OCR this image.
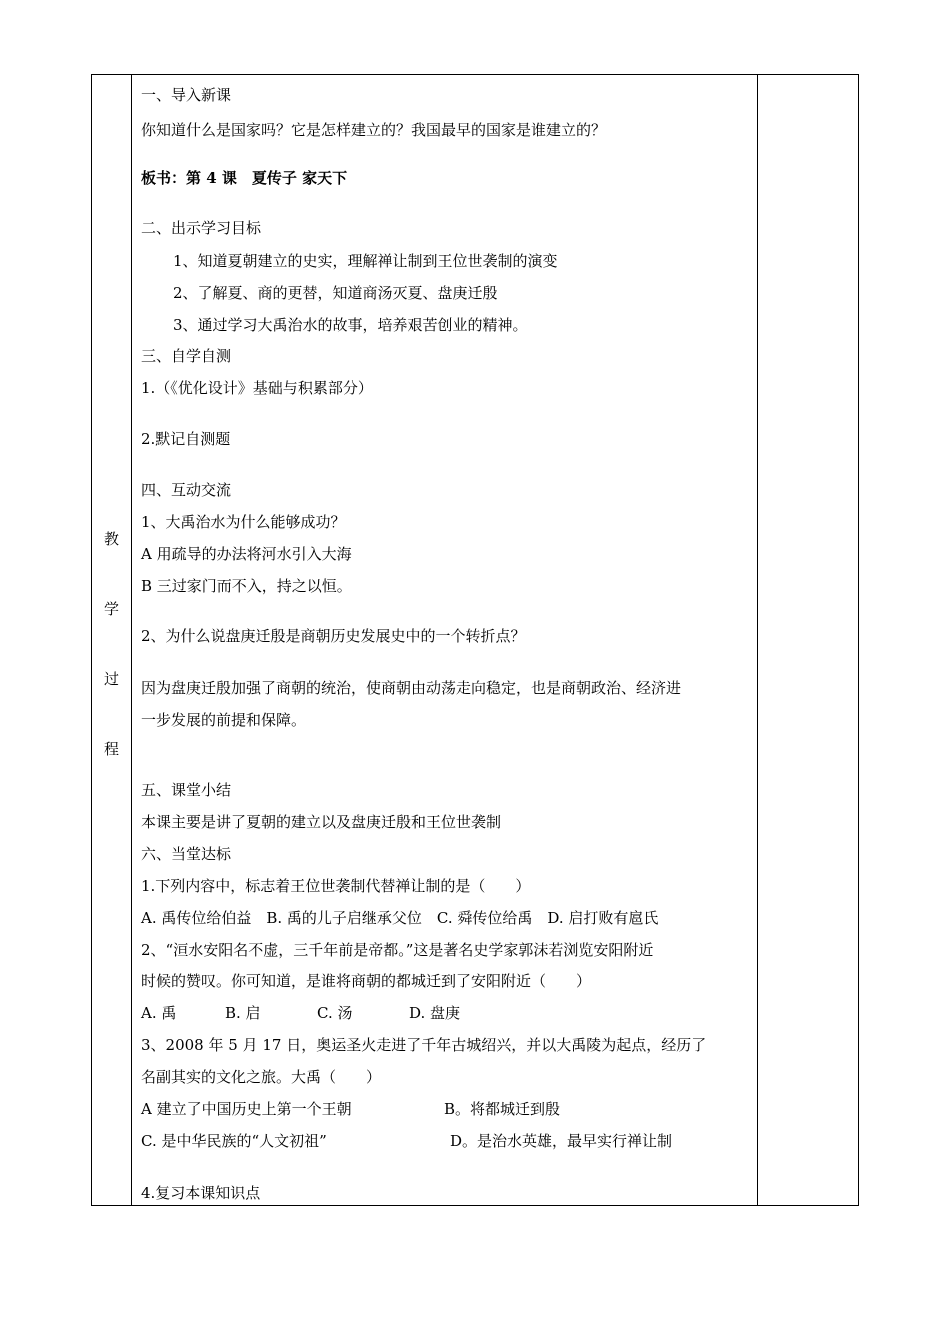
教
学
过
程
一、导入新课
你知道什么是国家吗？它是怎样建立的？我国最早的国家是谁建立的？
板书：第 4 课　夏传子 家天下
二、出示学习目标
1、知道夏朝建立的史实，理解禅让制到王位世袭制的演变
2、了解夏、商的更替，知道商汤灭夏、盘庚迁殷
3、通过学习大禹治水的故事，培养艰苦创业的精神。
三、自学自测
1.（《优化设计》基础与积累部分）
2.默记自测题
四、互动交流
1、大禹治水为什么能够成功？
A 用疏导的办法将河水引入大海
B 三过家门而不入，持之以恒。
2、为什么说盘庚迁殷是商朝历史发展史中的一个转折点？
因为盘庚迁殷加强了商朝的统治，使商朝由动荡走向稳定，也是商朝政治、经济进
一步发展的前提和保障。
五、课堂小结
本课主要是讲了夏朝的建立以及盘庚迁殷和王位世袭制
六、当堂达标
1.下列内容中，标志着王位世袭制代替禅让制的是（　　）
A. 禹传位给伯益　B. 禹的儿子启继承父位　C. 舜传位给禹　D. 启打败有扈氏
2、“洹水安阳名不虚，三千年前是帝都。”这是著名史学家郭沫若浏览安阳附近
时候的赞叹。你可知道，是谁将商朝的都城迁到了安阳附近（　　）
A. 禹	B. 启	C. 汤	D. 盘庚
3、2008 年 5 月 17 日，奥运圣火走进了千年古城绍兴，并以大禹陵为起点，经历了
名副其实的文化之旅。大禹（　　）
A 建立了中国历史上第一个王朝	B。将都城迁到殷
C. 是中华民族的“人文初祖”	D。是治水英雄，最早实行禅让制
4.复习本课知识点
